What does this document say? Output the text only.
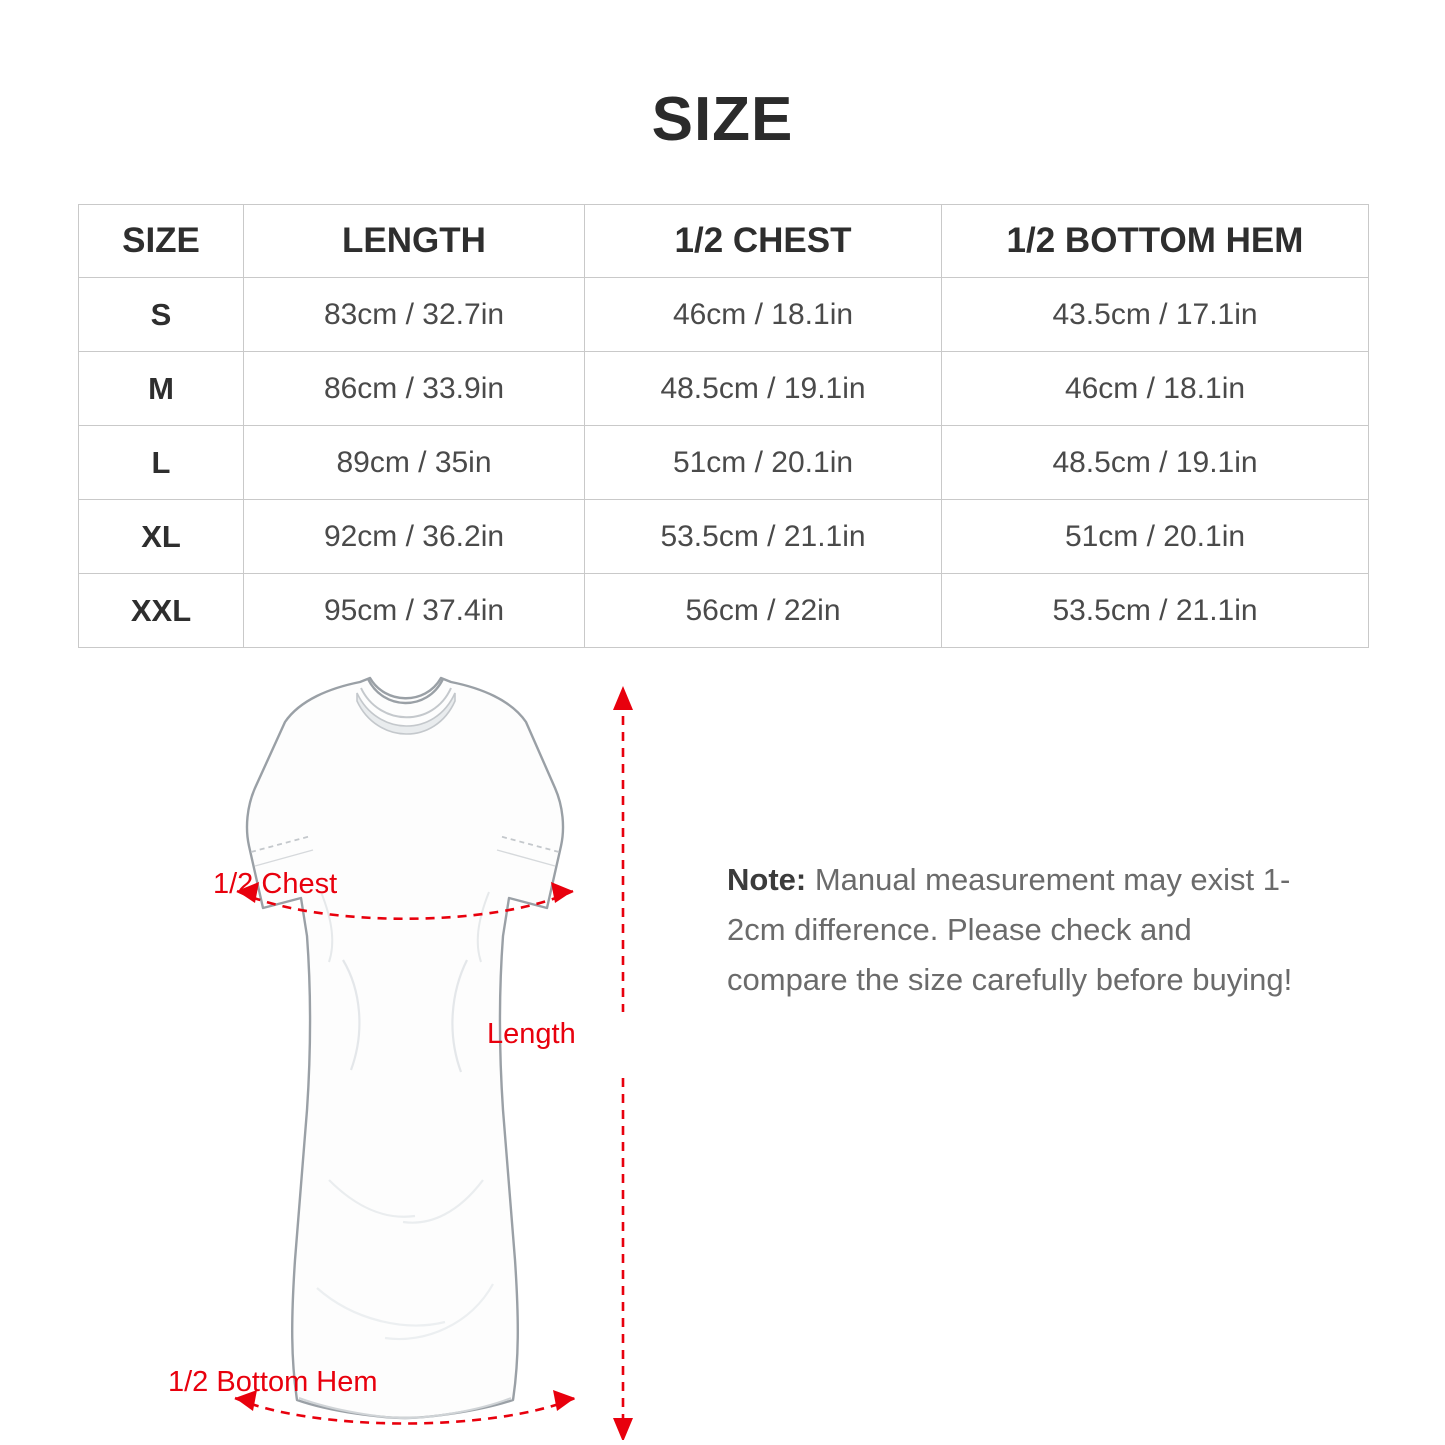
SIZE
SIZE	LENGTH	1/2 CHEST	1/2 BOTTOM HEM
S	83cm / 32.7in	46cm / 18.1in	43.5cm / 17.1in
M	86cm / 33.9in	48.5cm / 19.1in	46cm / 18.1in
L	89cm / 35in	51cm / 20.1in	48.5cm / 19.1in
XL	92cm / 36.2in	53.5cm / 21.1in	51cm / 20.1in
XXL	95cm / 37.4in	56cm / 22in	53.5cm / 21.1in
1/2 Chest
1/2 Bottom Hem
Length
Note: Manual measurement may exist 1-2cm difference. Please check and compare the size carefully before buying!
